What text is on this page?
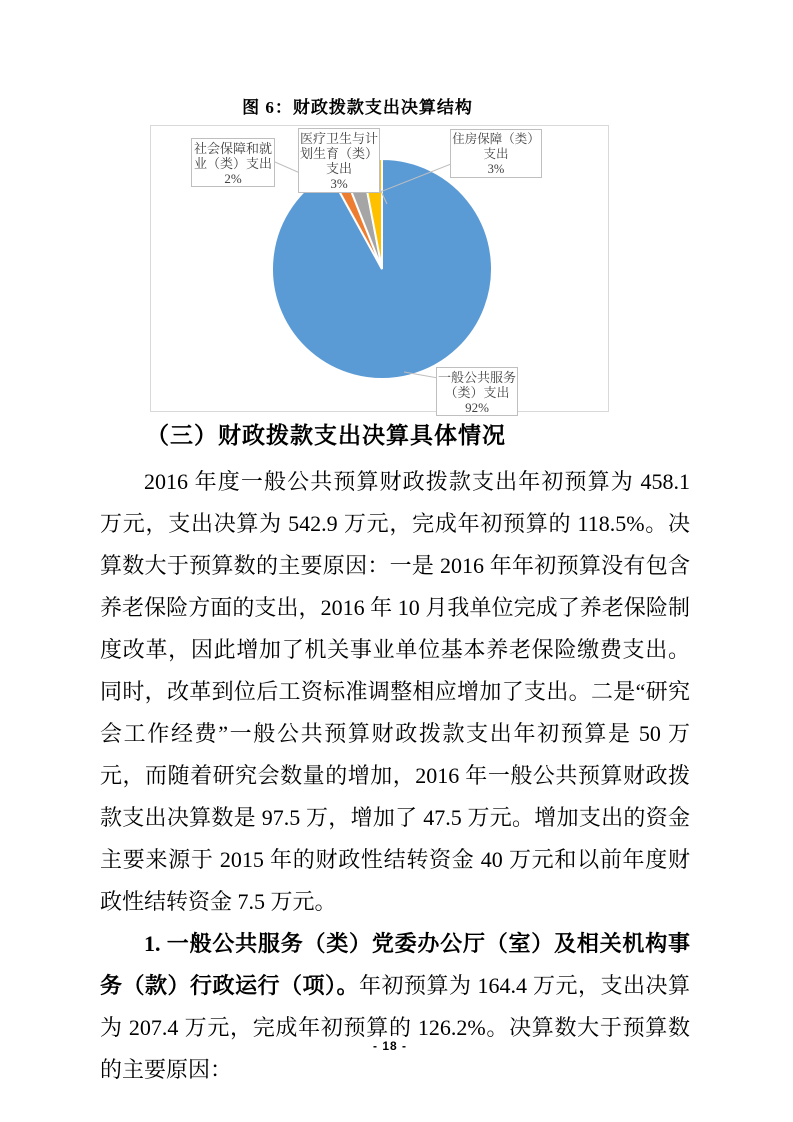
图 6：财政拨款支出决算结构
社会保障和就
业（类）支出
2%
医疗卫生与计
划生育（类）
支出
3%
住房保障（类）
支出
3%
一般公共服务
（类）支出
92%
（三）财政拨款支出决算具体情况

2016 年度一般公共预算财政拨款支出年初预算为 458.1 万元，支出决算为 542.9 万元，完成年初预算的 118.5%。决算数大于预算数的主要原因：一是 2016 年年初预算没有包含养老保险方面的支出，2016 年 10 月我单位完成了养老保险制度改革，因此增加了机关事业单位基本养老保险缴费支出。同时，改革到位后工资标准调整相应增加了支出。二是“研究会工作经费”一般公共预算财政拨款支出年初预算是 50 万元，而随着研究会数量的增加，2016 年一般公共预算财政拨款支出决算数是 97.5 万，增加了 47.5 万元。增加支出的资金主要来源于 2015 年的财政性结转资金 40 万元和以前年度财政性结转资金 7.5 万元。

1. 一般公共服务（类）党委办公厅（室）及相关机构事务（款）行政运行（项）。年初预算为 164.4 万元，支出决算为 207.4 万元，完成年初预算的 126.2%。决算数大于预算数的主要原因：

- 18 -
